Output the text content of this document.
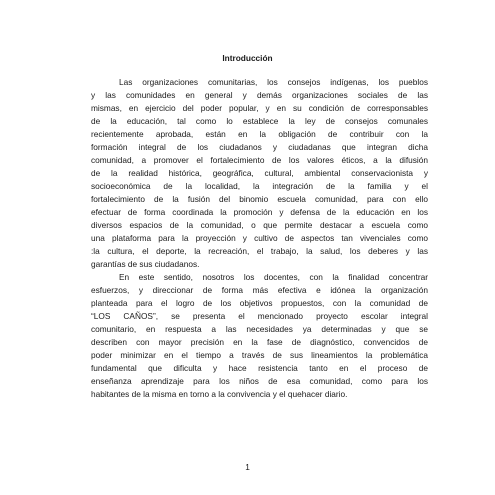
Introducción
Las organizaciones comunitarias, los consejos indígenas, los pueblos
y las comunidades en general y demás organizaciones sociales de las
mismas, en ejercicio del poder popular, y en su condición de corresponsables
de la educación, tal como lo establece la ley de consejos comunales
recientemente aprobada, están en la obligación de contribuir con la
formación integral de los ciudadanos y ciudadanas que integran dicha
comunidad, a promover el fortalecimiento de los valores éticos, a la difusión
de la realidad histórica, geográfica, cultural, ambiental conservacionista y
socioeconómica de la localidad, la integración de la familia y el
fortalecimiento de la fusión del binomio escuela comunidad, para con ello
efectuar de forma coordinada la promoción y defensa de la educación en los
diversos espacios de la comunidad, o que permite destacar a escuela como
una plataforma para la proyección y cultivo de aspectos tan vivenciales como
:la cultura, el deporte, la recreación, el trabajo, la salud, los deberes y las
garantías de sus ciudadanos.
En este sentido, nosotros los docentes, con la finalidad concentrar
esfuerzos, y direccionar de forma más efectiva e idónea la organización
planteada para el logro de los objetivos propuestos, con la comunidad de
“LOS CAÑOS”, se presenta el mencionado proyecto escolar integral
comunitario, en respuesta a las necesidades ya determinadas y que se
describen con mayor precisión en la fase de diagnóstico, convencidos de
poder minimizar en el tiempo a través de sus lineamientos la problemática
fundamental que dificulta y hace resistencia tanto en el proceso de
enseñanza aprendizaje para los niños de esa comunidad, como para los
habitantes de la misma en torno a la convivencia y el quehacer diario.
1
